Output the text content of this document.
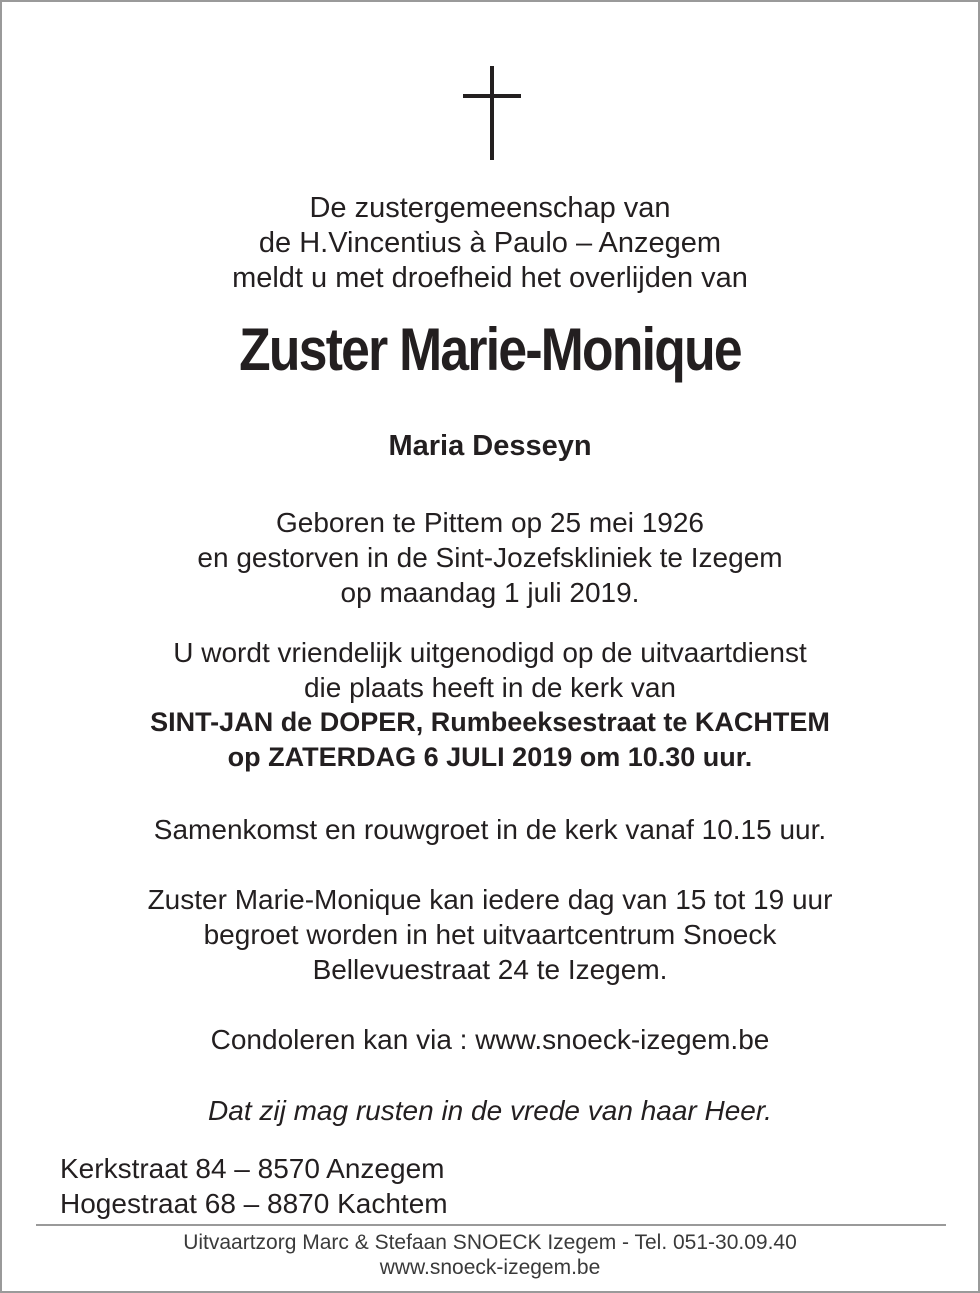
De zustergemeenschap van
de H.Vincentius à Paulo – Anzegem
meldt u met droefheid het overlijden van
Zuster Marie-Monique
Maria Desseyn
Geboren te Pittem op 25 mei 1926
en gestorven in de Sint-Jozefskliniek te Izegem
op maandag 1 juli 2019.
U wordt vriendelijk uitgenodigd op de uitvaartdienst
die plaats heeft in de kerk van
SINT-JAN de DOPER, Rumbeeksestraat te KACHTEM
op ZATERDAG 6 JULI 2019 om 10.30 uur.
Samenkomst en rouwgroet in de kerk vanaf 10.15 uur.
Zuster Marie-Monique kan iedere dag van 15 tot 19 uur
begroet worden in het uitvaartcentrum Snoeck
Bellevuestraat 24 te Izegem.
Condoleren kan via : www.snoeck-izegem.be
Dat zij mag rusten in de vrede van haar Heer.
Kerkstraat 84 – 8570 Anzegem
Hogestraat 68 – 8870 Kachtem
Uitvaartzorg Marc & Stefaan SNOECK Izegem - Tel. 051-30.09.40
www.snoeck-izegem.be
